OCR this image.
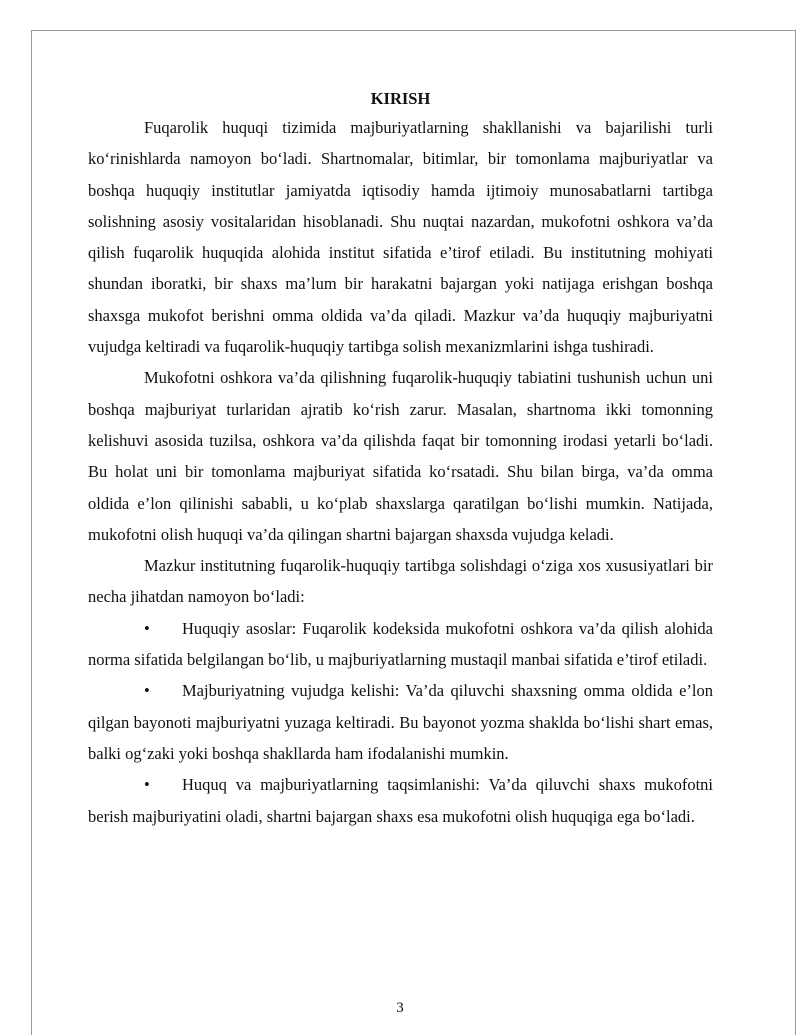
KIRISH

Fuqarolik huquqi tizimida majburiyatlarning shakllanishi va bajarilishi turli ko‘rinishlarda namoyon bo‘ladi. Shartnomalar, bitimlar, bir tomonlama majburiyatlar va boshqa huquqiy institutlar jamiyatda iqtisodiy hamda ijtimoiy munosabatlarni tartibga solishning asosiy vositalaridan hisoblanadi. Shu nuqtai nazardan, mukofotni oshkora va’da qilish fuqarolik huquqida alohida institut sifatida e’tirof etiladi. Bu institutning mohiyati shundan iboratki, bir shaxs ma’lum bir harakatni bajargan yoki natijaga erishgan boshqa shaxsga mukofot berishni omma oldida va’da qiladi. Mazkur va’da huquqiy majburiyatni vujudga keltiradi va fuqarolik-huquqiy tartibga solish mexanizmlarini ishga tushiradi.

Mukofotni oshkora va’da qilishning fuqarolik-huquqiy tabiatini tushunish uchun uni boshqa majburiyat turlaridan ajratib ko‘rish zarur. Masalan, shartnoma ikki tomonning kelishuvi asosida tuzilsa, oshkora va’da qilishda faqat bir tomonning irodasi yetarli bo‘ladi. Bu holat uni bir tomonlama majburiyat sifatida ko‘rsatadi. Shu bilan birga, va’da omma oldida e’lon qilinishi sababli, u ko‘plab shaxslarga qaratilgan bo‘lishi mumkin. Natijada, mukofotni olish huquqi va’da qilingan shartni bajargan shaxsda vujudga keladi.

Mazkur institutning fuqarolik-huquqiy tartibga solishdagi o‘ziga xos xususiyatlari bir necha jihatdan namoyon bo‘ladi:

• Huquqiy asoslar: Fuqarolik kodeksida mukofotni oshkora va’da qilish alohida norma sifatida belgilangan bo‘lib, u majburiyatlarning mustaqil manbai sifatida e’tirof etiladi.
• Majburiyatning vujudga kelishi: Va’da qiluvchi shaxsning omma oldida e’lon qilgan bayonoti majburiyatni yuzaga keltiradi. Bu bayonot yozma shaklda bo‘lishi shart emas, balki og‘zaki yoki boshqa shakllarda ham ifodalanishi mumkin.
• Huquq va majburiyatlarning taqsimlanishi: Va’da qiluvchi shaxs mukofotni berish majburiyatini oladi, shartni bajargan shaxs esa mukofotni olish huquqiga ega bo‘ladi.
3
